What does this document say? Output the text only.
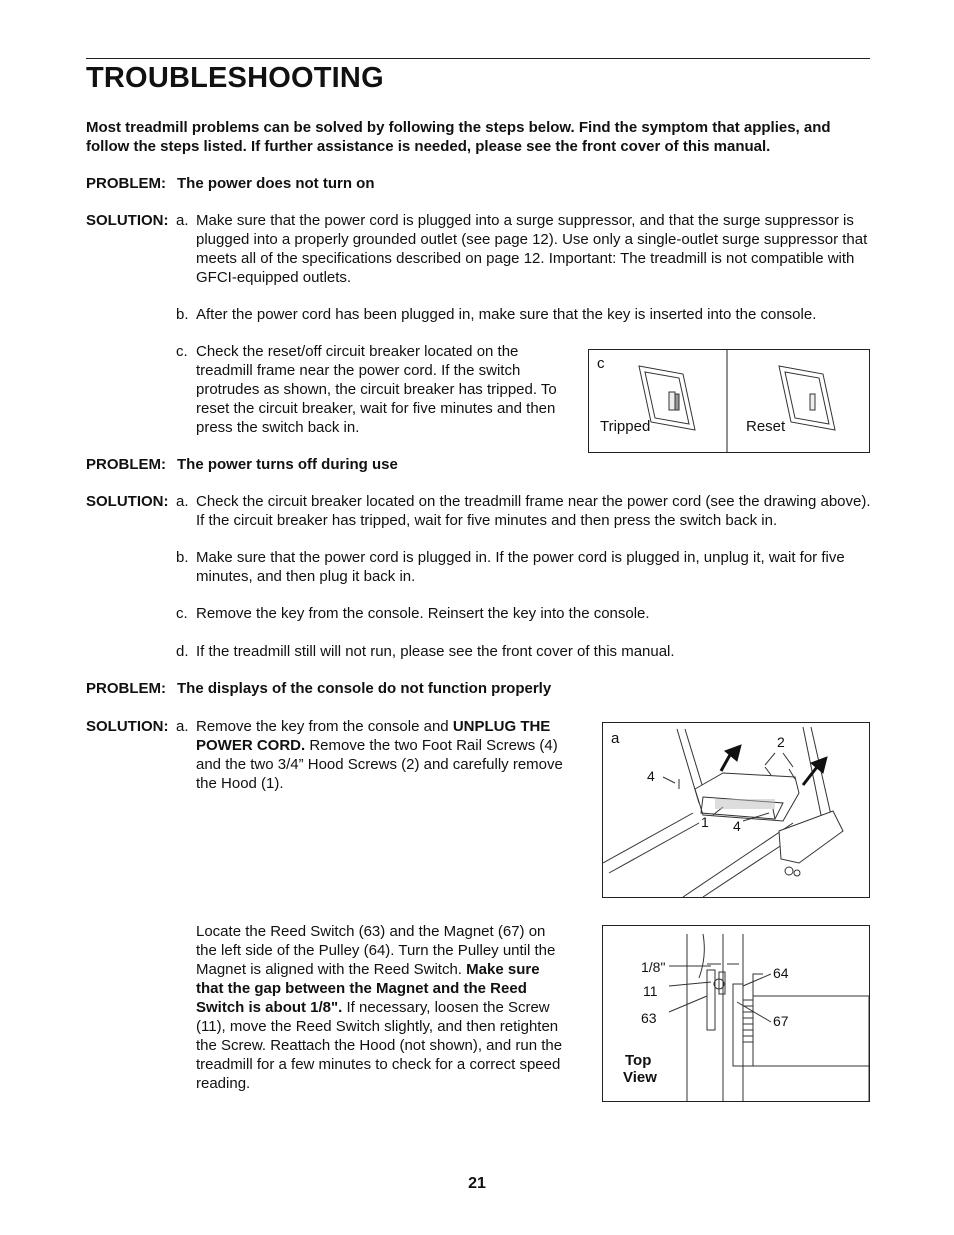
TROUBLESHOOTING
Most treadmill problems can be solved by following the steps below. Find the symptom that applies, and follow the steps listed. If further assistance is needed, please see the front cover of this manual.
PROBLEM: The power does not turn on
SOLUTION: a. Make sure that the power cord is plugged into a surge suppressor, and that the surge suppressor is plugged into a properly grounded outlet (see page 12). Use only a single-outlet surge suppressor that meets all of the specifications described on page 12. Important: The treadmill is not compatible with GFCI-equipped outlets.
b. After the power cord has been plugged in, make sure that the key is inserted into the console.
c. Check the reset/off circuit breaker located on the treadmill frame near the power cord. If the switch protrudes as shown, the circuit breaker has tripped. To reset the circuit breaker, wait for five minutes and then press the switch back in.
c
Tripped	Reset
PROBLEM: The power turns off during use
SOLUTION: a. Check the circuit breaker located on the treadmill frame near the power cord (see the drawing above). If the circuit breaker has tripped, wait for five minutes and then press the switch back in.
b. Make sure that the power cord is plugged in. If the power cord is plugged in, unplug it, wait for five minutes, and then plug it back in.
c. Remove the key from the console. Reinsert the key into the console.
d. If the treadmill still will not run, please see the front cover of this manual.
PROBLEM: The displays of the console do not function properly
SOLUTION: a. Remove the key from the console and UNPLUG THE POWER CORD. Remove the two Foot Rail Screws (4) and the two 3/4” Hood Screws (2) and carefully remove the Hood (1).
a	2
4
1 4
Locate the Reed Switch (63) and the Magnet (67) on the left side of the Pulley (64). Turn the Pulley until the Magnet is aligned with the Reed Switch. Make sure that the gap between the Magnet and the Reed Switch is about 1/8". If necessary, loosen the Screw (11), move the Reed Switch slightly, and then retighten the Screw. Reattach the Hood (not shown), and run the treadmill for a few minutes to check for a correct speed reading.
1/8"
11
63
64
67
Top
View
21
